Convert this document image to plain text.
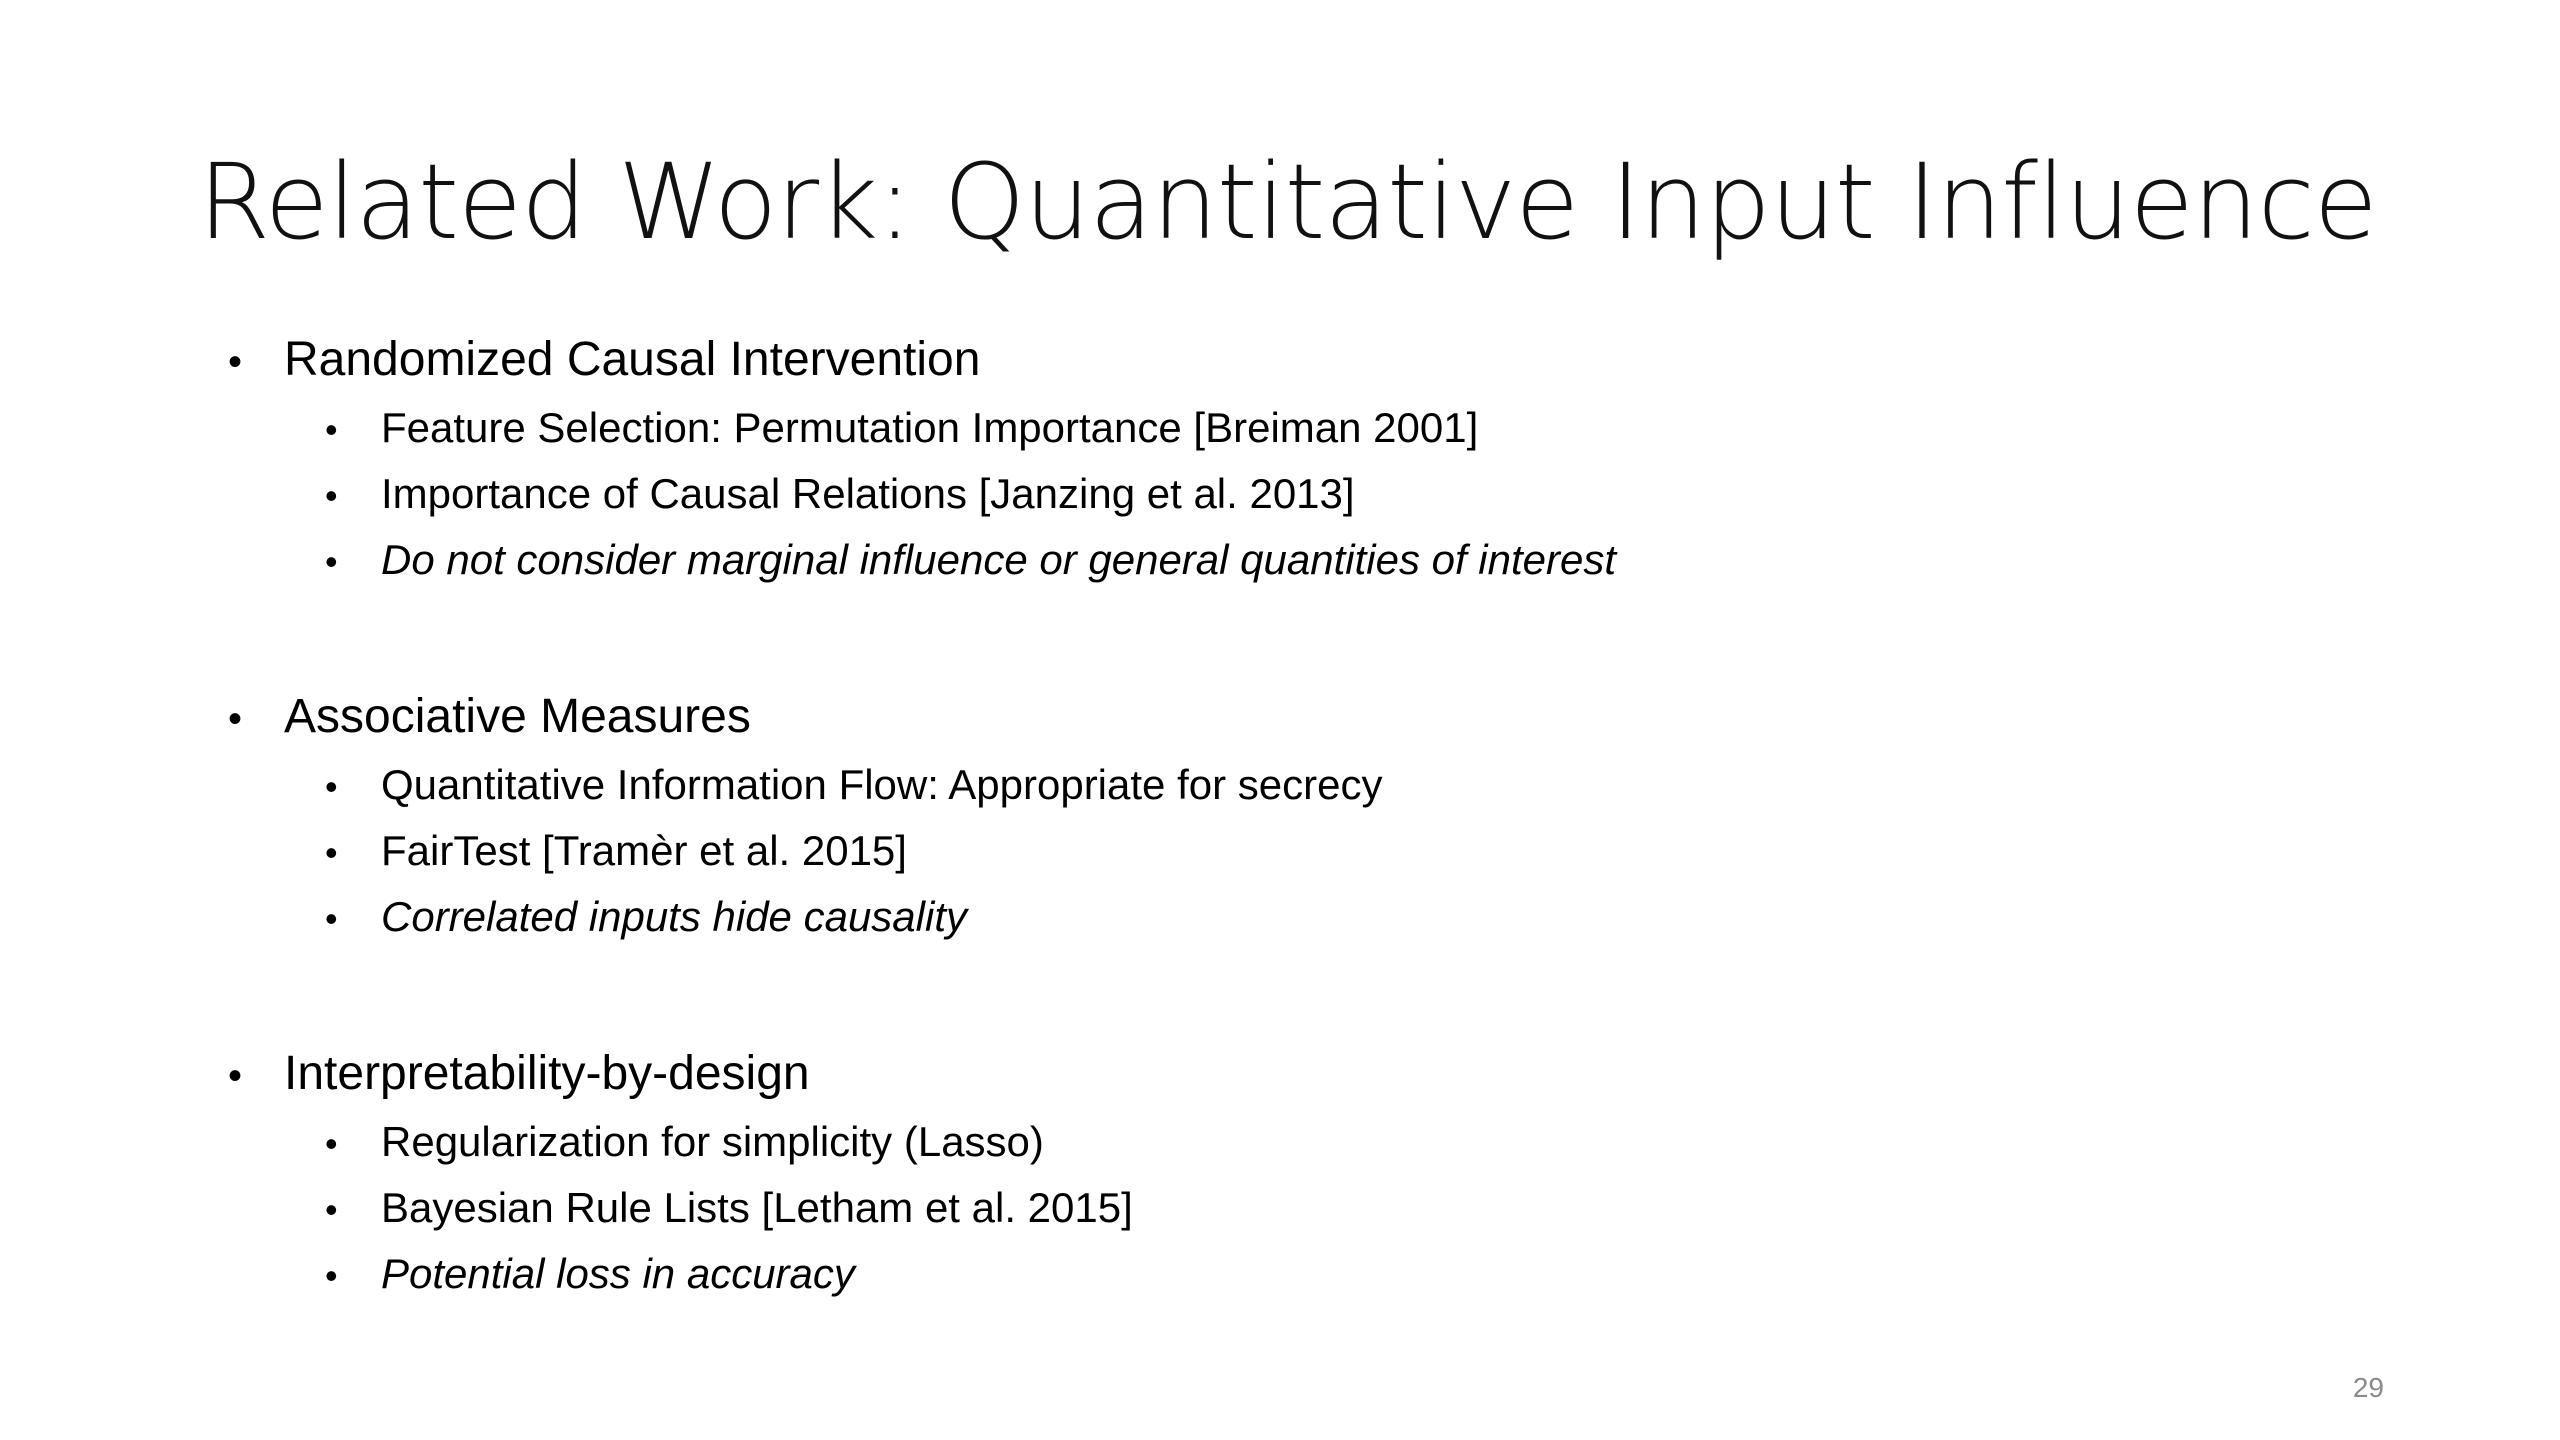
Related Work: Quantitative Input Influence
• Randomized Causal Intervention
•	Feature Selection: Permutation Importance [Breiman 2001]
•	Importance of Causal Relations [Janzing et al. 2013]
•	Do not consider marginal influence or general quantities of interest
• Associative Measures
•	Quantitative Information Flow: Appropriate for secrecy
•	FairTest [Tramèr et al. 2015]
•	Correlated inputs hide causality
• Interpretability-by-design
•	Regularization for simplicity (Lasso)
•	Bayesian Rule Lists [Letham et al. 2015]
•	Potential loss in accuracy
29
